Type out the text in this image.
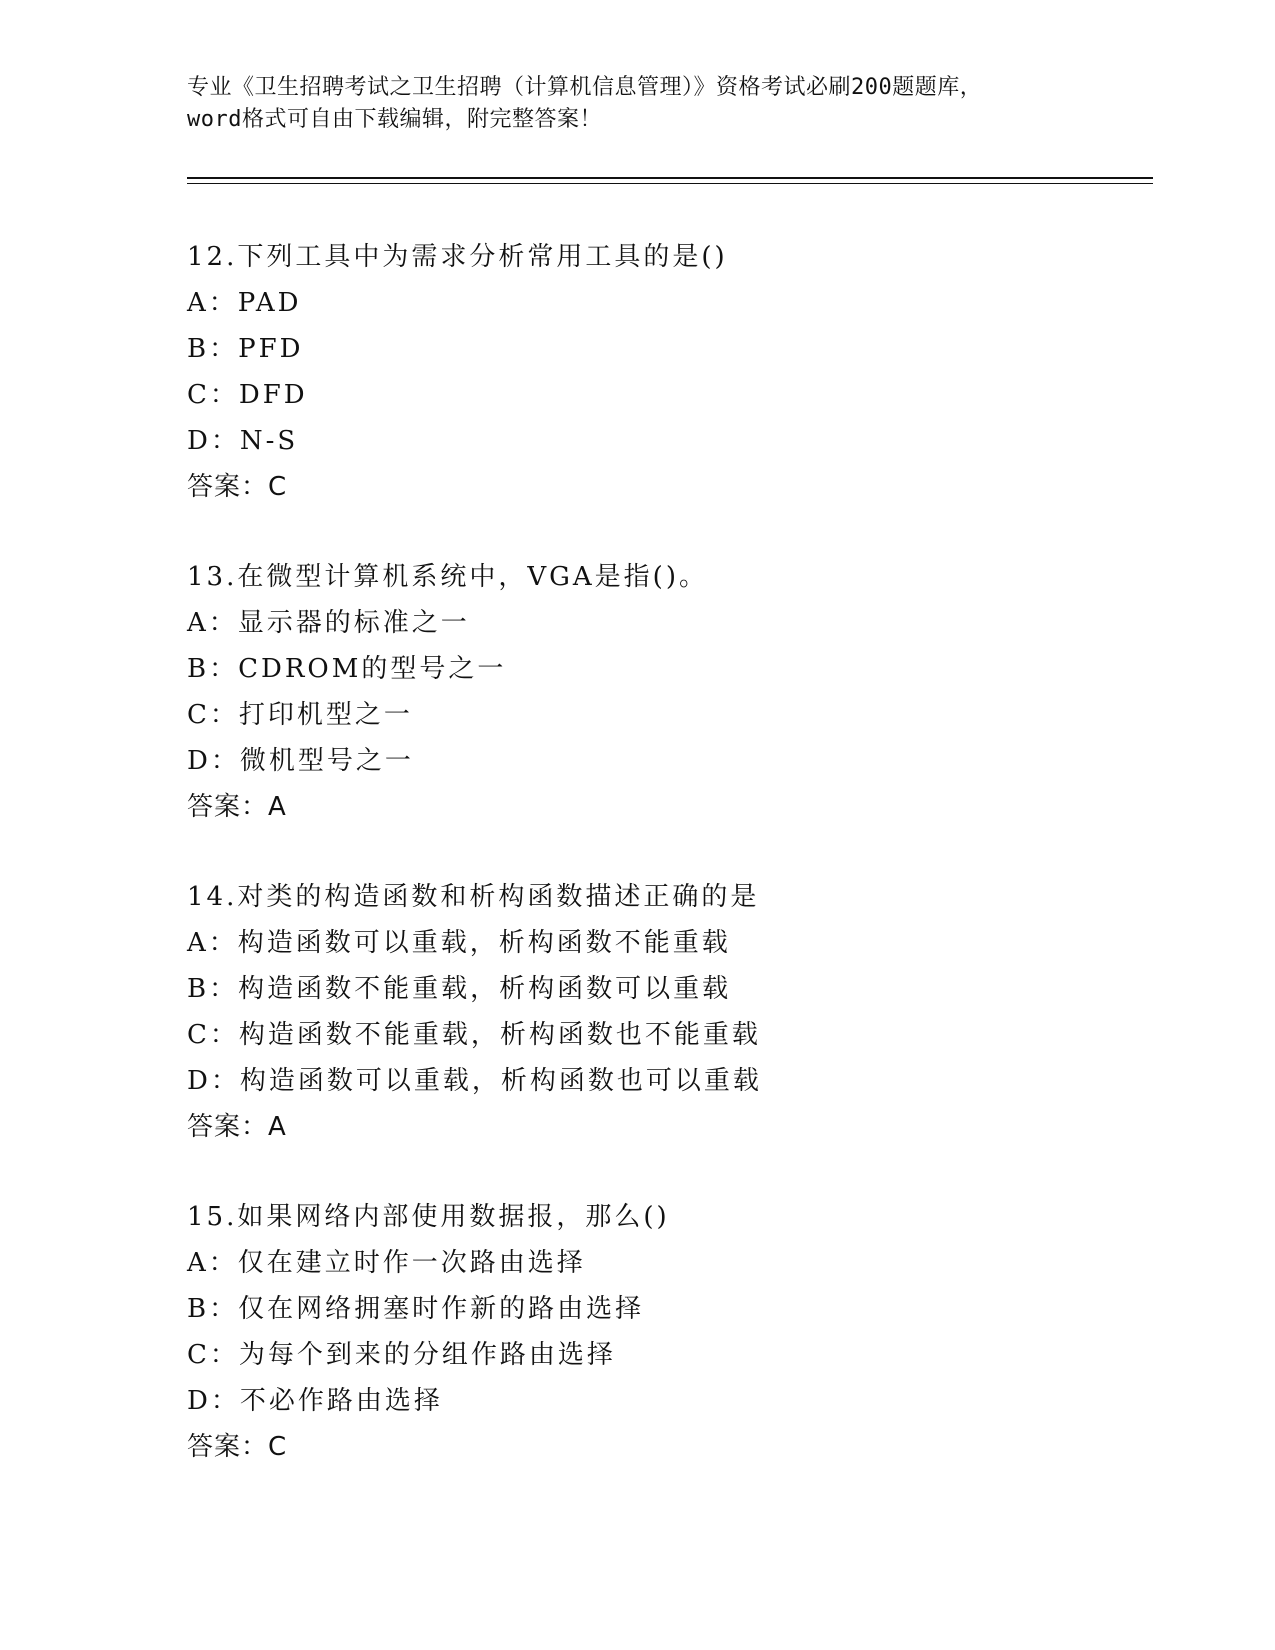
专业《卫生招聘考试之卫生招聘（计算机信息管理）》资格考试必刷200题题库，
word格式可自由下载编辑，附完整答案！
12.下列工具中为需求分析常用工具的是()
A：PAD
B：PFD
C：DFD
D：N-S
答案：C
13.在微型计算机系统中，VGA是指()。
A：显示器的标准之一
B：CDROM的型号之一
C：打印机型之一
D：微机型号之一
答案：A
14.对类的构造函数和析构函数描述正确的是
A：构造函数可以重载，析构函数不能重载
B：构造函数不能重载，析构函数可以重载
C：构造函数不能重载，析构函数也不能重载
D：构造函数可以重载，析构函数也可以重载
答案：A
15.如果网络内部使用数据报，那么()
A：仅在建立时作一次路由选择
B：仅在网络拥塞时作新的路由选择
C：为每个到来的分组作路由选择
D：不必作路由选择
答案：C
